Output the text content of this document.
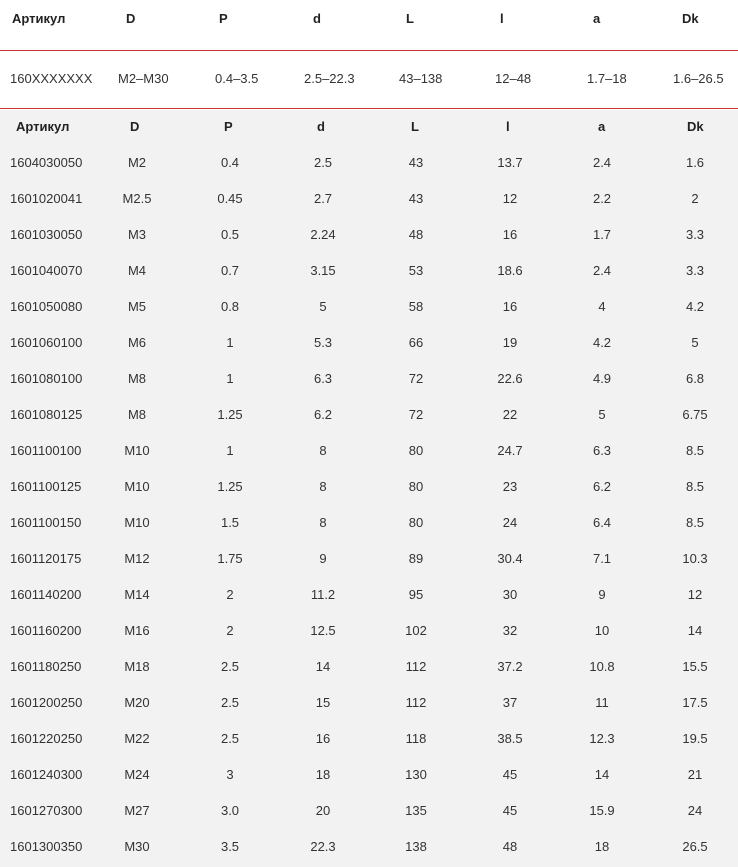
Артикул	D	P	d	L	l	a	Dk
160XXXXXXX M2–M30	0.4–3.5	2.5–22.3	43–138	12–48	1.7–18	1.6–26.5
Артикул	D	P	d	L	l	a	Dk
1604030050	M2	0.4	2.5	43	13.7	2.4	1.6
1601020041	M2.5	0.45	2.7	43	12	2.2	2
1601030050	M3	0.5	2.24	48	16	1.7	3.3
1601040070	M4	0.7	3.15	53	18.6	2.4	3.3
1601050080	M5	0.8	5	58	16	4	4.2
1601060100	M6	1	5.3	66	19	4.2	5
1601080100	M8	1	6.3	72	22.6	4.9	6.8
1601080125	M8	1.25	6.2	72	22	5	6.75
1601100100	M10	1	8	80	24.7	6.3	8.5
1601100125	M10	1.25	8	80	23	6.2	8.5
1601100150	M10	1.5	8	80	24	6.4	8.5
1601120175	M12	1.75	9	89	30.4	7.1	10.3
1601140200	M14	2	11.2	95	30	9	12
1601160200	M16	2	12.5	102	32	10	14
1601180250	M18	2.5	14	112	37.2	10.8	15.5
1601200250	M20	2.5	15	112	37	11	17.5
1601220250	M22	2.5	16	118	38.5	12.3	19.5
1601240300	M24	3	18	130	45	14	21
1601270300	M27	3.0	20	135	45	15.9	24
1601300350	M30	3.5	22.3	138	48	18	26.5
